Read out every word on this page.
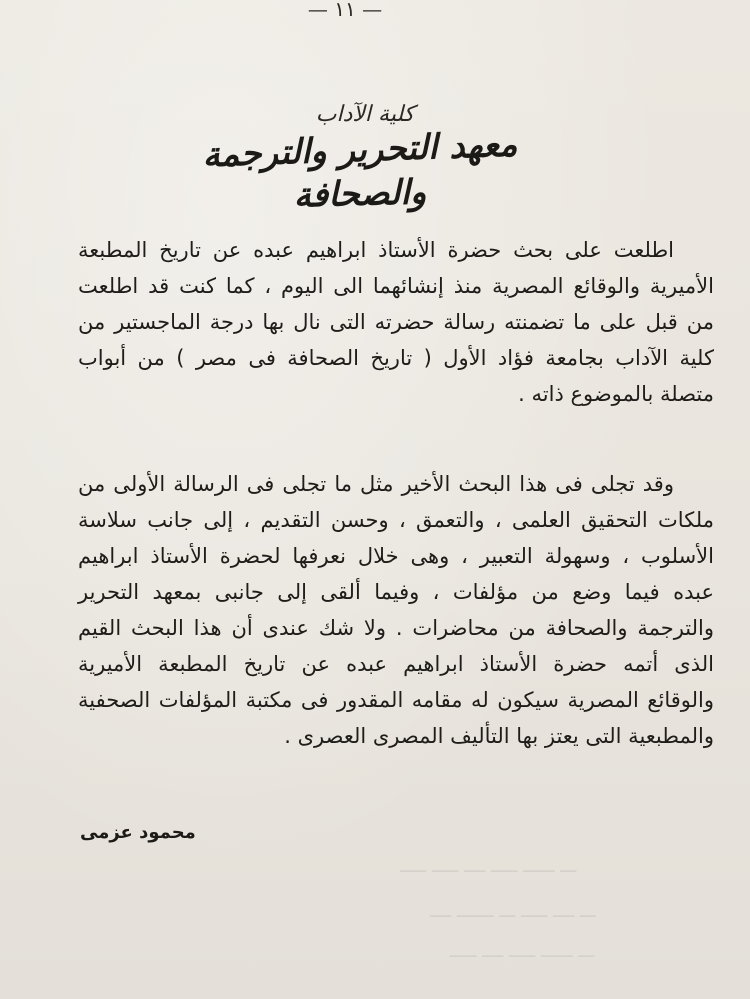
— ١١ —
كلية الآداب
معهد التحرير والترجمة
والصحافة
اطلعت على بحث حضرة الأستاذ ابراهيم عبده عن تاريخ المطبعة
الأميرية والوقائع المصرية منذ إنشائهما الى اليوم ، كما كنت قد اطلعت
من قبل على ما تضمنته رسالة حضرته التى نال بها درجة الماجستير من
كلية الآداب بجامعة فؤاد الأول ( تاريخ الصحافة فى مصر ) من أبواب
متصلة بالموضوع ذاته .
وقد تجلى فى هذا البحث الأخير مثل ما تجلى فى الرسالة الأولى من
ملكات التحقيق العلمى ، والتعمق ، وحسن التقديم ، إلى جانب سلاسة
الأسلوب ، وسهولة التعبير ، وهى خلال نعرفها لحضرة الأستاذ ابراهيم
عبده فيما وضع من مؤلفات ، وفيما ألقى إلى جانبى بمعهد التحرير
والترجمة والصحافة من محاضرات . ولا شك عندى أن هذا البحث القيم
الذى أتمه حضرة الأستاذ ابراهيم عبده عن تاريخ المطبعة الأميرية
والوقائع المصرية سيكون له مقامه المقدور فى مكتبة المؤلفات الصحفية
والمطبعية التى يعتز بها التأليف المصرى العصرى .
محمود عزمى
ـــــ ـــــ ــــ ـــــ ــــــ ـــ
ــــ ـــــــ ـــ ـــــ ــــ ـــ
ـــــ ــــ ـــــ ــــــ ـــ
